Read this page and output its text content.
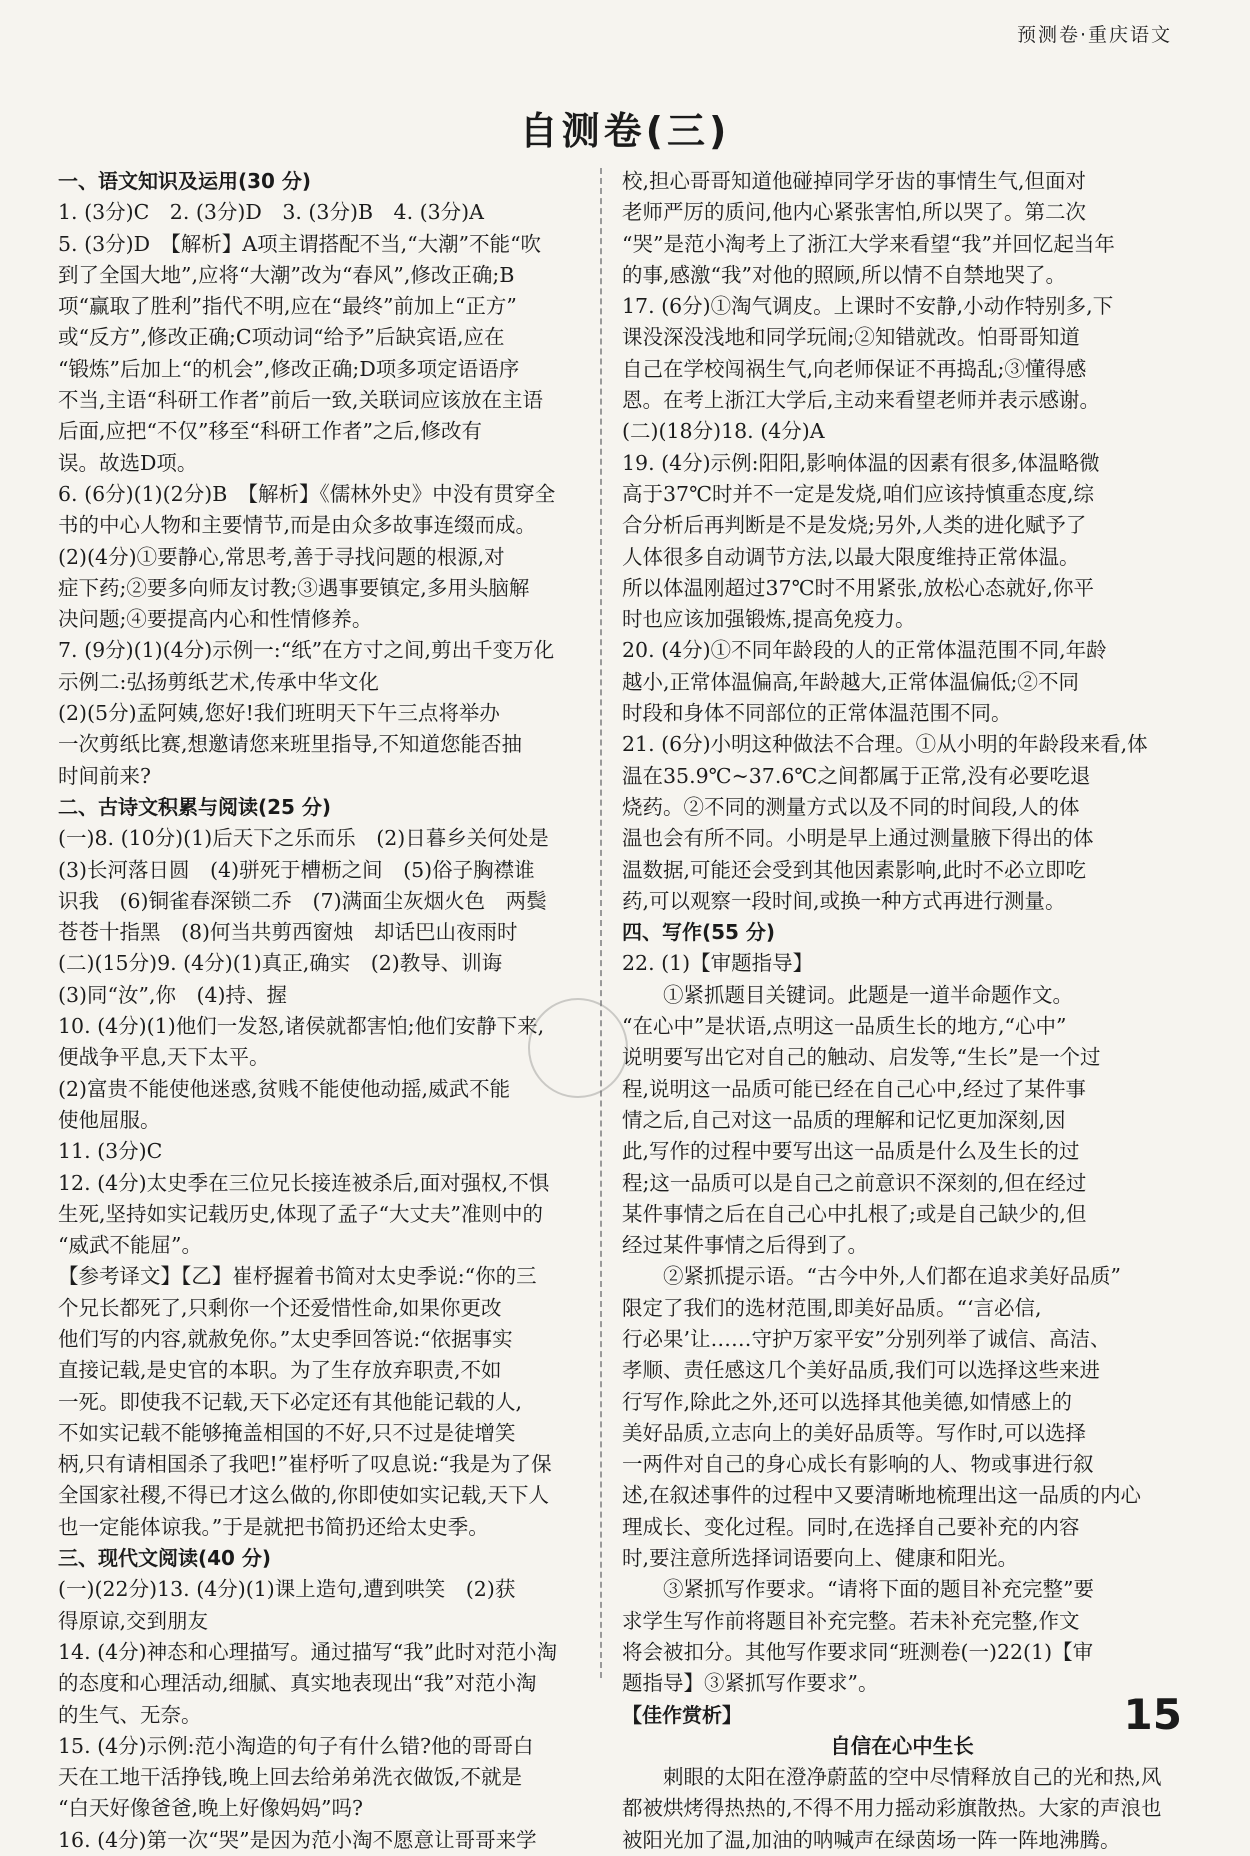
预测卷·重庆语文
自测卷(三)
一、语文知识及运用(30 分)
1. (3分)C　2. (3分)D　3. (3分)B　4. (3分)A
5. (3分)D　【解析】A项主谓搭配不当,“大潮”不能“吹
到了全国大地”,应将“大潮”改为“春风”,修改正确;B
项“赢取了胜利”指代不明,应在“最终”前加上“正方”
或“反方”,修改正确;C项动词“给予”后缺宾语,应在
“锻炼”后加上“的机会”,修改正确;D项多项定语语序
不当,主语“科研工作者”前后一致,关联词应该放在主语
后面,应把“不仅”移至“科研工作者”之后,修改有
误。故选D项。
6. (6分)(1)(2分)B　【解析】《儒林外史》中没有贯穿全
书的中心人物和主要情节,而是由众多故事连缀而成。
(2)(4分)①要静心,常思考,善于寻找问题的根源,对
症下药;②要多向师友讨教;③遇事要镇定,多用头脑解
决问题;④要提高内心和性情修养。
7. (9分)(1)(4分)示例一:“纸”在方寸之间,剪出千变万化
示例二:弘扬剪纸艺术,传承中华文化
(2)(5分)孟阿姨,您好!我们班明天下午三点将举办
一次剪纸比赛,想邀请您来班里指导,不知道您能否抽
时间前来?
二、古诗文积累与阅读(25 分)
(一)8. (10分)(1)后天下之乐而乐　(2)日暮乡关何处是
(3)长河落日圆　(4)骈死于槽枥之间　(5)俗子胸襟谁
识我　(6)铜雀春深锁二乔　(7)满面尘灰烟火色　两鬓
苍苍十指黑　(8)何当共剪西窗烛　却话巴山夜雨时
(二)(15分)9. (4分)(1)真正,确实　(2)教导、训诲
(3)同“汝”,你　(4)持、握
10. (4分)(1)他们一发怒,诸侯就都害怕;他们安静下来,
便战争平息,天下太平。
(2)富贵不能使他迷惑,贫贱不能使他动摇,威武不能
使他屈服。
11. (3分)C
12. (4分)太史季在三位兄长接连被杀后,面对强权,不惧
生死,坚持如实记载历史,体现了孟子“大丈夫”准则中的
“威武不能屈”。
【参考译文】【乙】崔杼握着书简对太史季说:“你的三
个兄长都死了,只剩你一个还爱惜性命,如果你更改
他们写的内容,就赦免你。”太史季回答说:“依据事实
直接记载,是史官的本职。为了生存放弃职责,不如
一死。即使我不记载,天下必定还有其他能记载的人,
不如实记载不能够掩盖相国的不好,只不过是徒增笑
柄,只有请相国杀了我吧!”崔杼听了叹息说:“我是为了保
全国家社稷,不得已才这么做的,你即使如实记载,天下人
也一定能体谅我。”于是就把书简扔还给太史季。
三、现代文阅读(40 分)
(一)(22分)13. (4分)(1)课上造句,遭到哄笑　(2)获
得原谅,交到朋友
14. (4分)神态和心理描写。通过描写“我”此时对范小淘
的态度和心理活动,细腻、真实地表现出“我”对范小淘
的生气、无奈。
15. (4分)示例:范小淘造的句子有什么错?他的哥哥白
天在工地干活挣钱,晚上回去给弟弟洗衣做饭,不就是
“白天好像爸爸,晚上好像妈妈”吗?
16. (4分)第一次“哭”是因为范小淘不愿意让哥哥来学
校,担心哥哥知道他碰掉同学牙齿的事情生气,但面对
老师严厉的质问,他内心紧张害怕,所以哭了。第二次
“哭”是范小淘考上了浙江大学来看望“我”并回忆起当年
的事,感激“我”对他的照顾,所以情不自禁地哭了。
17. (6分)①淘气调皮。上课时不安静,小动作特别多,下
课没深没浅地和同学玩闹;②知错就改。怕哥哥知道
自己在学校闯祸生气,向老师保证不再捣乱;③懂得感
恩。在考上浙江大学后,主动来看望老师并表示感谢。
(二)(18分)18. (4分)A
19. (4分)示例:阳阳,影响体温的因素有很多,体温略微
高于37℃时并不一定是发烧,咱们应该持慎重态度,综
合分析后再判断是不是发烧;另外,人类的进化赋予了
人体很多自动调节方法,以最大限度维持正常体温。
所以体温刚超过37℃时不用紧张,放松心态就好,你平
时也应该加强锻炼,提高免疫力。
20. (4分)①不同年龄段的人的正常体温范围不同,年龄
越小,正常体温偏高,年龄越大,正常体温偏低;②不同
时段和身体不同部位的正常体温范围不同。
21. (6分)小明这种做法不合理。①从小明的年龄段来看,体
温在35.9℃~37.6℃之间都属于正常,没有必要吃退
烧药。②不同的测量方式以及不同的时间段,人的体
温也会有所不同。小明是早上通过测量腋下得出的体
温数据,可能还会受到其他因素影响,此时不必立即吃
药,可以观察一段时间,或换一种方式再进行测量。
四、写作(55 分)
22. (1)【审题指导】
　　①紧抓题目关键词。此题是一道半命题作文。
“在心中”是状语,点明这一品质生长的地方,“心中”
说明要写出它对自己的触动、启发等,“生长”是一个过
程,说明这一品质可能已经在自己心中,经过了某件事
情之后,自己对这一品质的理解和记忆更加深刻,因
此,写作的过程中要写出这一品质是什么及生长的过
程;这一品质可以是自己之前意识不深刻的,但在经过
某件事情之后在自己心中扎根了;或是自己缺少的,但
经过某件事情之后得到了。
　　②紧抓提示语。“古今中外,人们都在追求美好品质”
限定了我们的选材范围,即美好品质。“‘言必信,
行必果’让……守护万家平安”分别列举了诚信、高洁、
孝顺、责任感这几个美好品质,我们可以选择这些来进
行写作,除此之外,还可以选择其他美德,如情感上的
美好品质,立志向上的美好品质等。写作时,可以选择
一两件对自己的身心成长有影响的人、物或事进行叙
述,在叙述事件的过程中又要清晰地梳理出这一品质的内心
理成长、变化过程。同时,在选择自己要补充的内容
时,要注意所选择词语要向上、健康和阳光。
　　③紧抓写作要求。“请将下面的题目补充完整”要
求学生写作前将题目补充完整。若未补充完整,作文
将会被扣分。其他写作要求同“班测卷(一)22(1)【审
题指导】③紧抓写作要求”。
【佳作赏析】
自信在心中生长
　　刺眼的太阳在澄净蔚蓝的空中尽情释放自己的光和热,风
都被烘烤得热热的,不得不用力摇动彩旗散热。大家的声浪也
被阳光加了温,加油的呐喊声在绿茵场一阵一阵地沸腾。
15
